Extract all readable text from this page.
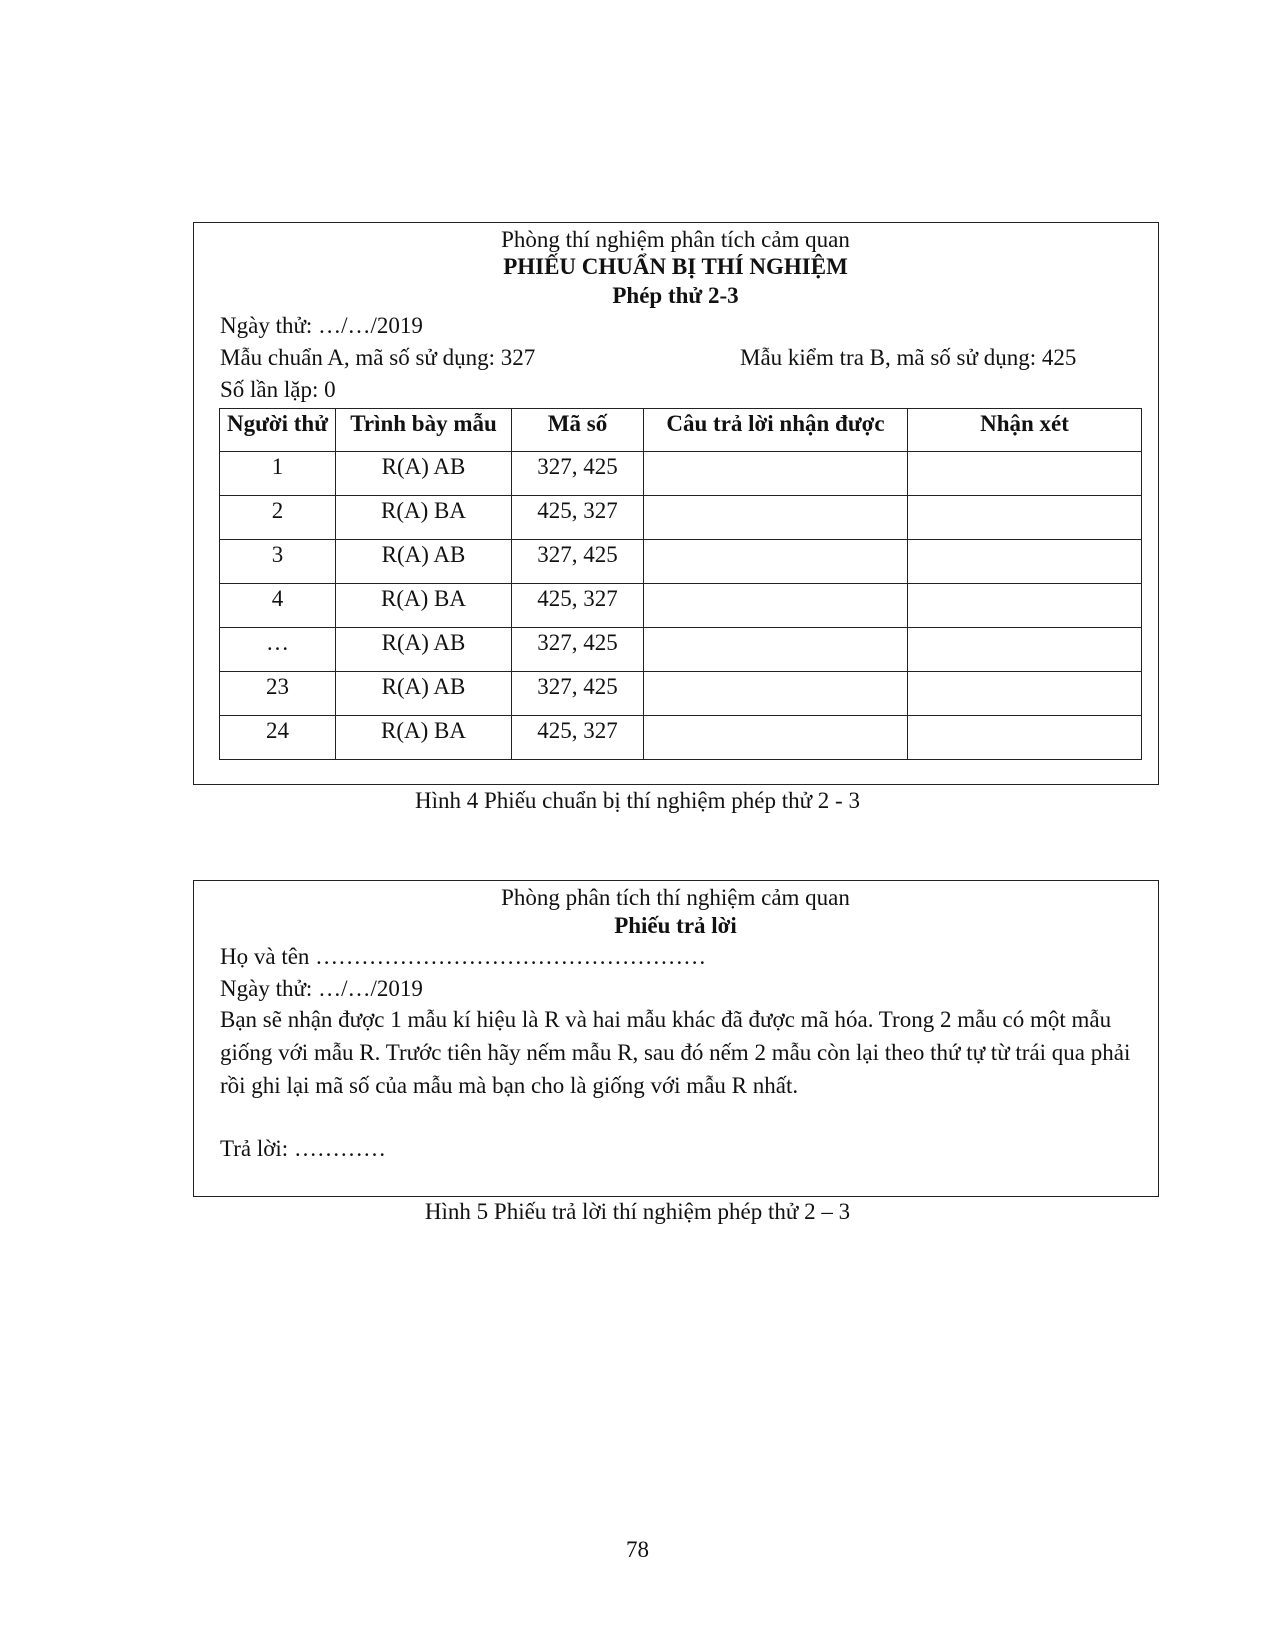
Phòng thí nghiệm phân tích cảm quan
PHIẾU CHUẨN BỊ THÍ NGHIỆM
Phép thử 2-3
Ngày thử: …/…/2019
Mẫu chuẩn A, mã số sử dụng: 327	Mẫu kiểm tra B, mã số sử dụng: 425
Số lần lặp: 0
Người thử	Trình bày mẫu	Mã số	Câu trả lời nhận được	Nhận xét
1	R(A) AB	327, 425		
2	R(A) BA	425, 327		
3	R(A) AB	327, 425		
4	R(A) BA	425, 327		
…	R(A) AB	327, 425		
23	R(A) AB	327, 425		
24	R(A) BA	425, 327		
Hình 4 Phiếu chuẩn bị thí nghiệm phép thử 2 - 3
Phòng phân tích thí nghiệm cảm quan
Phiếu trả lời
Họ và tên ……………………………………………
Ngày thử: …/…/2019
Bạn sẽ nhận được 1 mẫu kí hiệu là R và hai mẫu khác đã được mã hóa. Trong 2 mẫu có một mẫu giống với mẫu R. Trước tiên hãy nếm mẫu R, sau đó nếm 2 mẫu còn lại theo thứ tự từ trái qua phải rồi ghi lại mã số của mẫu mà bạn cho là giống với mẫu R nhất.
Trả lời: …………
Hình 5 Phiếu trả lời thí nghiệm phép thử 2 – 3
78
